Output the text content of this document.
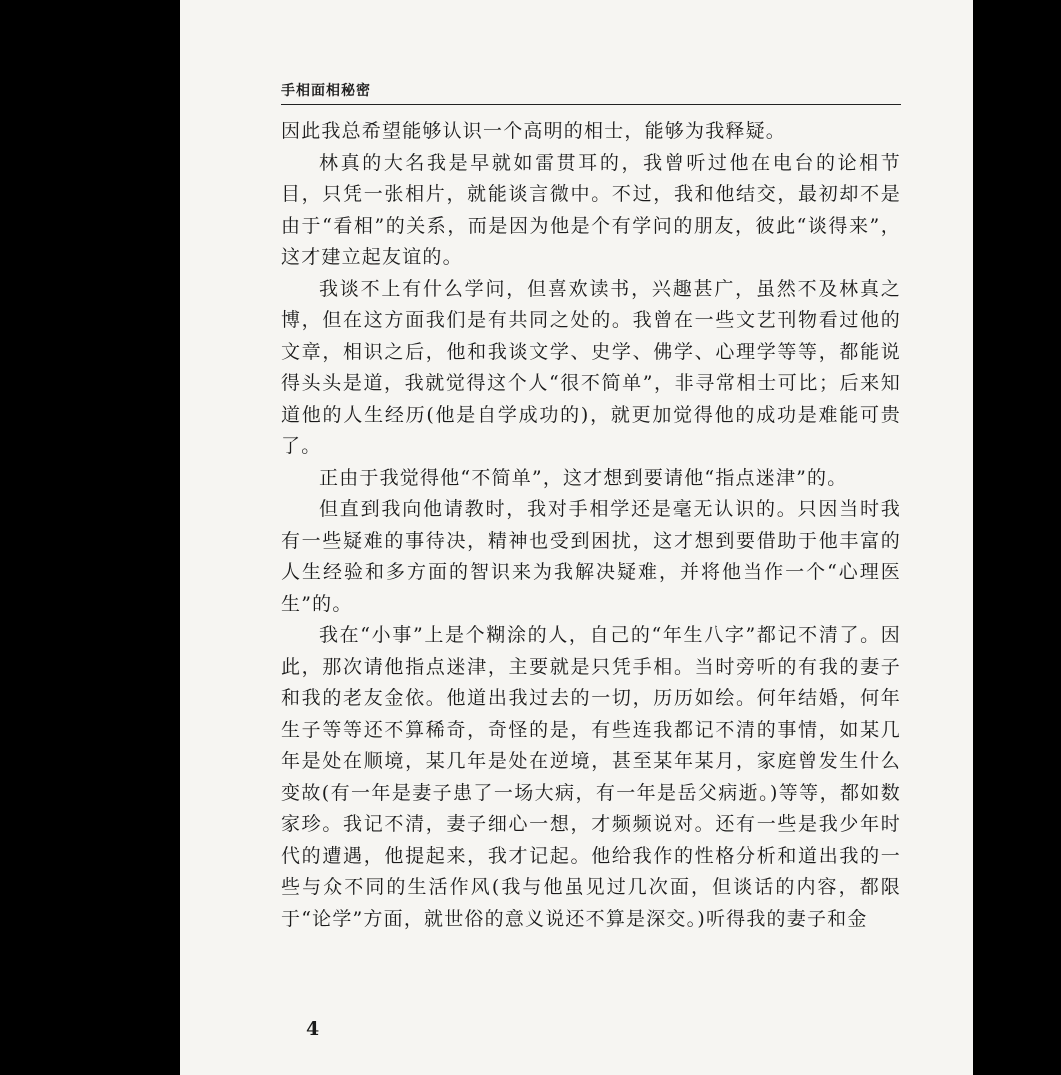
手相面相秘密

因此我总希望能够认识一个高明的相士，能够为我释疑。

林真的大名我是早就如雷贯耳的，我曾听过他在电台的论相节目，只凭一张相片，就能谈言微中。不过，我和他结交，最初却不是由于“看相”的关系，而是因为他是个有学问的朋友，彼此“谈得来”，这才建立起友谊的。

我谈不上有什么学问，但喜欢读书，兴趣甚广，虽然不及林真之博，但在这方面我们是有共同之处的。我曾在一些文艺刊物看过他的文章，相识之后，他和我谈文学、史学、佛学、心理学等等，都能说得头头是道，我就觉得这个人“很不简单”，非寻常相士可比；后来知道他的人生经历(他是自学成功的)，就更加觉得他的成功是难能可贵了。

正由于我觉得他“不简单”，这才想到要请他“指点迷津”的。

但直到我向他请教时，我对手相学还是毫无认识的。只因当时我有一些疑难的事待决，精神也受到困扰，这才想到要借助于他丰富的人生经验和多方面的智识来为我解决疑难，并将他当作一个“心理医生”的。

我在“小事”上是个糊涂的人，自己的“年生八字”都记不清了。因此，那次请他指点迷津，主要就是只凭手相。当时旁听的有我的妻子和我的老友金依。他道出我过去的一切，历历如绘。何年结婚，何年生子等等还不算稀奇，奇怪的是，有些连我都记不清的事情，如某几年是处在顺境，某几年是处在逆境，甚至某年某月，家庭曾发生什么变故(有一年是妻子患了一场大病，有一年是岳父病逝。)等等，都如数家珍。我记不清，妻子细心一想，才频频说对。还有一些是我少年时代的遭遇，他提起来，我才记起。他给我作的性格分析和道出我的一些与众不同的生活作风(我与他虽见过几次面，但谈话的内容，都限于“论学”方面，就世俗的意义说还不算是深交。)听得我的妻子和金

4
